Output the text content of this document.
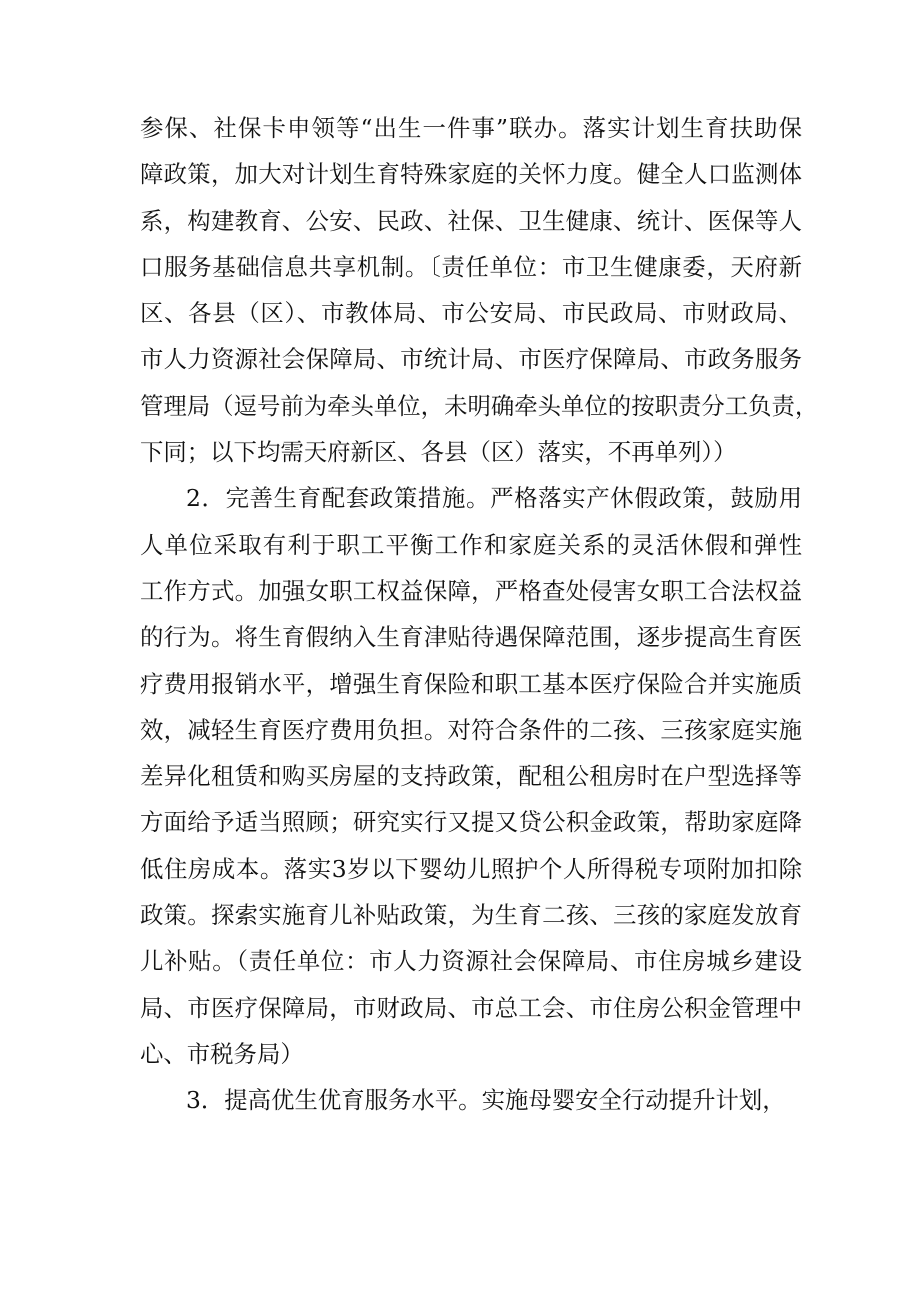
参保、社保卡申领等“出生一件事”联办。落实计划生育扶助保
障政策，加大对计划生育特殊家庭的关怀力度。健全人口监测体
系，构建教育、公安、民政、社保、卫生健康、统计、医保等人
口服务基础信息共享机制。〔责任单位：市卫生健康委，天府新
区、各县（区）、市教体局、市公安局、市民政局、市财政局、
市人力资源社会保障局、市统计局、市医疗保障局、市政务服务
管理局（逗号前为牵头单位，未明确牵头单位的按职责分工负责，
下同；以下均需天府新区、各县（区）落实，不再单列））
2．完善生育配套政策措施。严格落实产休假政策，鼓励用
人单位采取有利于职工平衡工作和家庭关系的灵活休假和弹性
工作方式。加强女职工权益保障，严格查处侵害女职工合法权益
的行为。将生育假纳入生育津贴待遇保障范围，逐步提高生育医
疗费用报销水平，增强生育保险和职工基本医疗保险合并实施质
效，减轻生育医疗费用负担。对符合条件的二孩、三孩家庭实施
差异化租赁和购买房屋的支持政策，配租公租房时在户型选择等
方面给予适当照顾；研究实行又提又贷公积金政策，帮助家庭降
低住房成本。落实3岁以下婴幼儿照护个人所得税专项附加扣除
政策。探索实施育儿补贴政策，为生育二孩、三孩的家庭发放育
儿补贴。（责任单位：市人力资源社会保障局、市住房城乡建设
局、市医疗保障局，市财政局、市总工会、市住房公积金管理中
心、市税务局）
3．提高优生优育服务水平。实施母婴安全行动提升计划，
